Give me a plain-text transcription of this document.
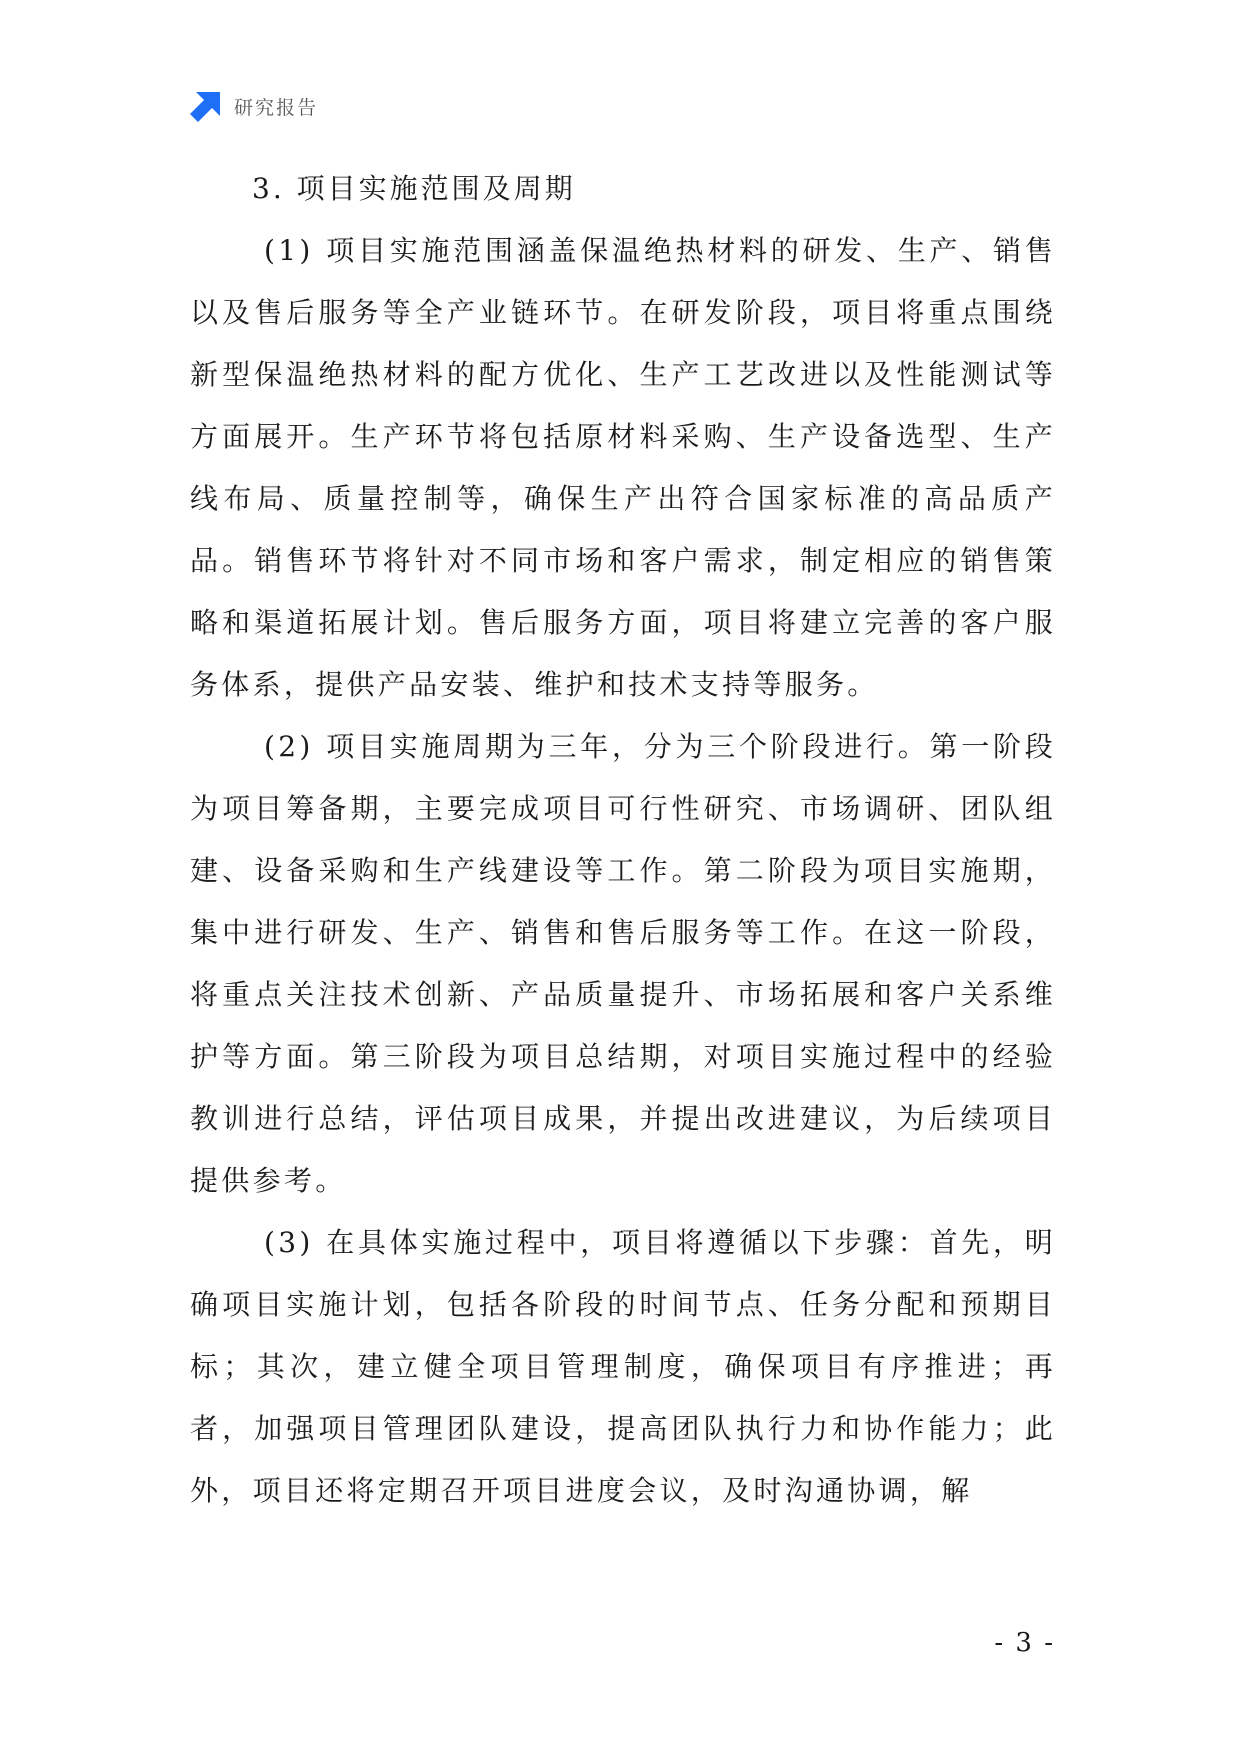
研究报告
3. 项目实施范围及周期

(1) 项目实施范围涵盖保温绝热材料的研发、生产、销售以及售后服务等全产业链环节。在研发阶段，项目将重点围绕新型保温绝热材料的配方优化、生产工艺改进以及性能测试等方面展开。生产环节将包括原材料采购、生产设备选型、生产线布局、质量控制等，确保生产出符合国家标准的高品质产品。销售环节将针对不同市场和客户需求，制定相应的销售策略和渠道拓展计划。售后服务方面，项目将建立完善的客户服务体系，提供产品安装、维护和技术支持等服务。

(2) 项目实施周期为三年，分为三个阶段进行。第一阶段为项目筹备期，主要完成项目可行性研究、市场调研、团队组建、设备采购和生产线建设等工作。第二阶段为项目实施期，集中进行研发、生产、销售和售后服务等工作。在这一阶段，将重点关注技术创新、产品质量提升、市场拓展和客户关系维护等方面。第三阶段为项目总结期，对项目实施过程中的经验教训进行总结，评估项目成果，并提出改进建议，为后续项目提供参考。

(3) 在具体实施过程中，项目将遵循以下步骤：首先，明确项目实施计划，包括各阶段的时间节点、任务分配和预期目标；其次，建立健全项目管理制度，确保项目有序推进；再者，加强项目管理团队建设，提高团队执行力和协作能力；此外，项目还将定期召开项目进度会议，及时沟通协调，解

- 3 -
